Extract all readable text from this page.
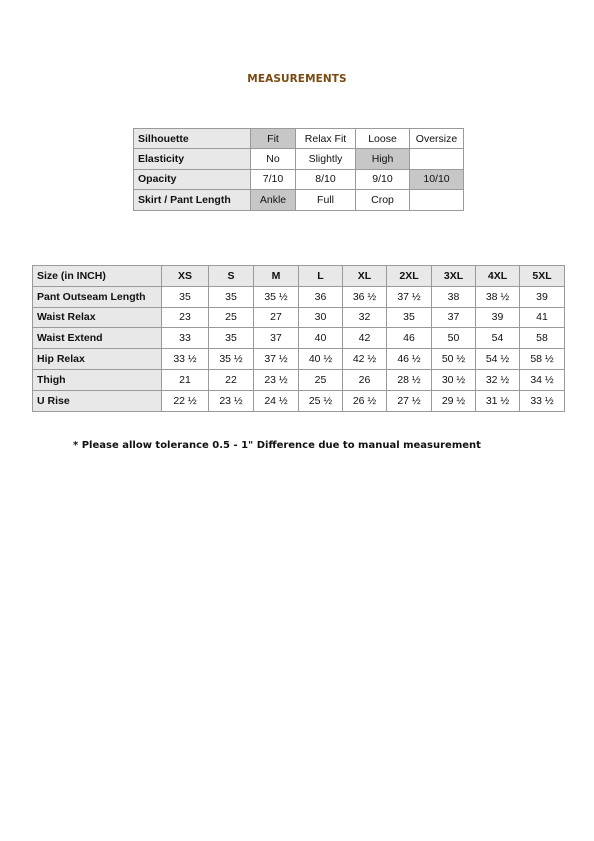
MEASUREMENTS
Silhouette	Fit	Relax Fit	Loose	Oversize
Elasticity	No	Slightly	High	
Opacity	7/10	8/10	9/10	10/10
Skirt / Pant Length	Ankle	Full	Crop	
Size (in INCH)	XS	S	M	L	XL	2XL	3XL	4XL	5XL
Pant Outseam Length	35	35	35 ½	36	36 ½	37 ½	38	38 ½	39
Waist Relax	23	25	27	30	32	35	37	39	41
Waist Extend	33	35	37	40	42	46	50	54	58
Hip Relax	33 ½	35 ½	37 ½	40 ½	42 ½	46 ½	50 ½	54 ½	58 ½
Thigh	21	22	23 ½	25	26	28 ½	30 ½	32 ½	34 ½
U Rise	22 ½	23 ½	24 ½	25 ½	26 ½	27 ½	29 ½	31 ½	33 ½
* Please allow tolerance 0.5 - 1" Difference due to manual measurement
